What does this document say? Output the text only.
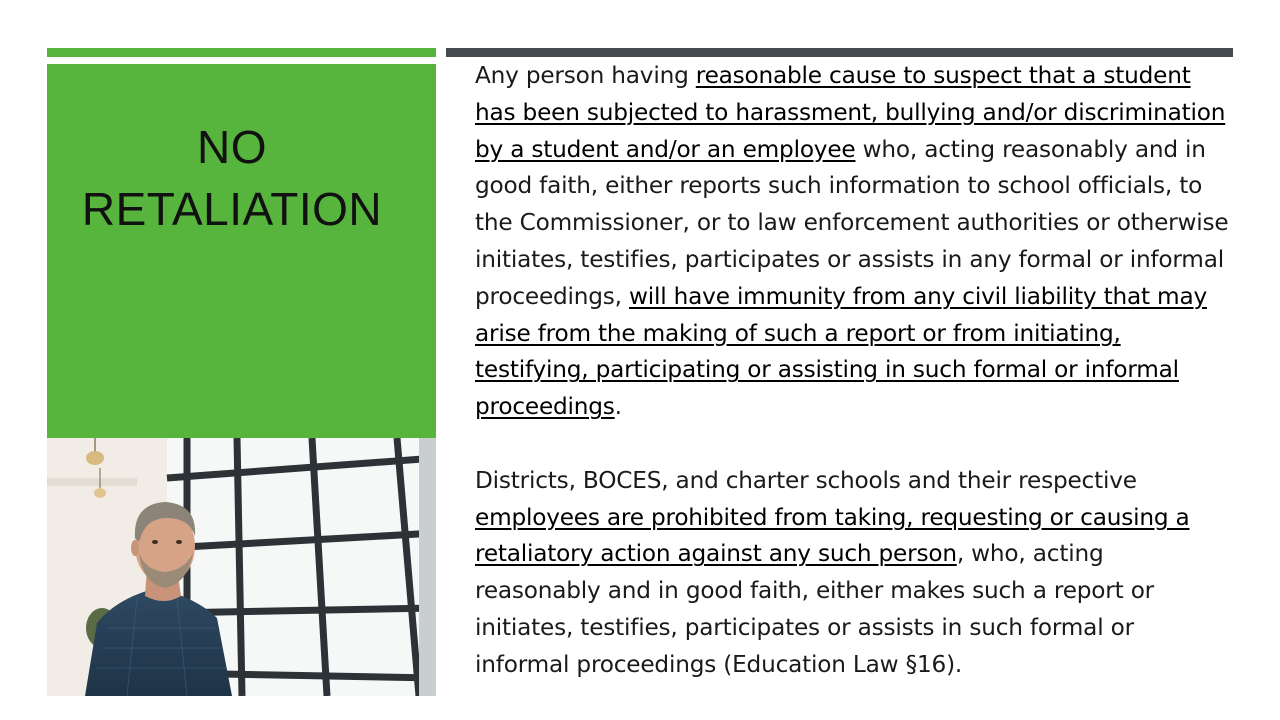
NO
RETALIATION

Any person having reasonable cause to suspect that a student has been subjected to harassment, bullying and/or discrimination by a student and/or an employee who, acting reasonably and in good faith, either reports such information to school officials, to the Commissioner, or to law enforcement authorities or otherwise initiates, testifies, participates or assists in any formal or informal proceedings, will have immunity from any civil liability that may arise from the making of such a report or from initiating, testifying, participating or assisting in such formal or informal proceedings.

Districts, BOCES, and charter schools and their respective employees are prohibited from taking, requesting or causing a retaliatory action against any such person, who, acting reasonably and in good faith, either makes such a report or initiates, testifies, participates or assists in such formal or informal proceedings (Education Law §16).
